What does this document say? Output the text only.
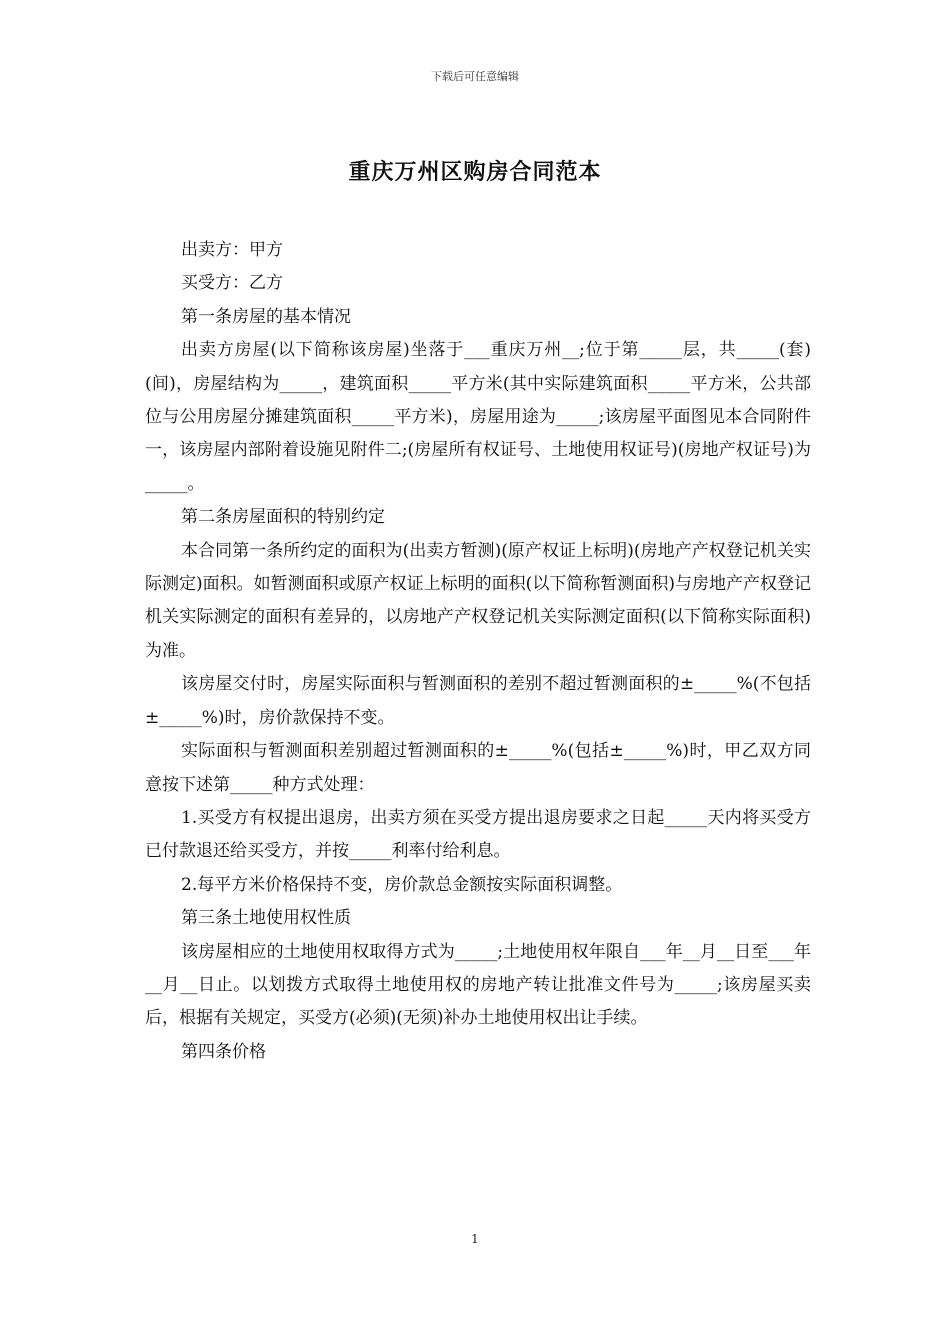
下载后可任意编辑
重庆万州区购房合同范本

出卖方：甲方

买受方：乙方

第一条房屋的基本情况

出卖方房屋(以下简称该房屋)坐落于___重庆万州__;位于第_____层，共_____(套)(间)，房屋结构为_____，建筑面积_____平方米(其中实际建筑面积_____平方米，公共部位与公用房屋分摊建筑面积_____平方米)，房屋用途为_____;该房屋平面图见本合同附件一，该房屋内部附着设施见附件二;(房屋所有权证号、土地使用权证号)(房地产权证号)为_____。

第二条房屋面积的特别约定

本合同第一条所约定的面积为(出卖方暂测)(原产权证上标明)(房地产产权登记机关实际测定)面积。如暂测面积或原产权证上标明的面积(以下简称暂测面积)与房地产产权登记机关实际测定的面积有差异的，以房地产产权登记机关实际测定面积(以下简称实际面积)为准。

该房屋交付时，房屋实际面积与暂测面积的差别不超过暂测面积的±_____%(不包括±_____%)时，房价款保持不变。

实际面积与暂测面积差别超过暂测面积的±_____%(包括±_____%)时，甲乙双方同意按下述第_____种方式处理：

1.买受方有权提出退房，出卖方须在买受方提出退房要求之日起_____天内将买受方已付款退还给买受方，并按_____利率付给利息。

2.每平方米价格保持不变，房价款总金额按实际面积调整。

第三条土地使用权性质

该房屋相应的土地使用权取得方式为_____;土地使用权年限自___年__月__日至___年__月__日止。以划拨方式取得土地使用权的房地产转让批准文件号为_____;该房屋买卖后，根据有关规定，买受方(必须)(无须)补办土地使用权出让手续。

第四条价格

1
